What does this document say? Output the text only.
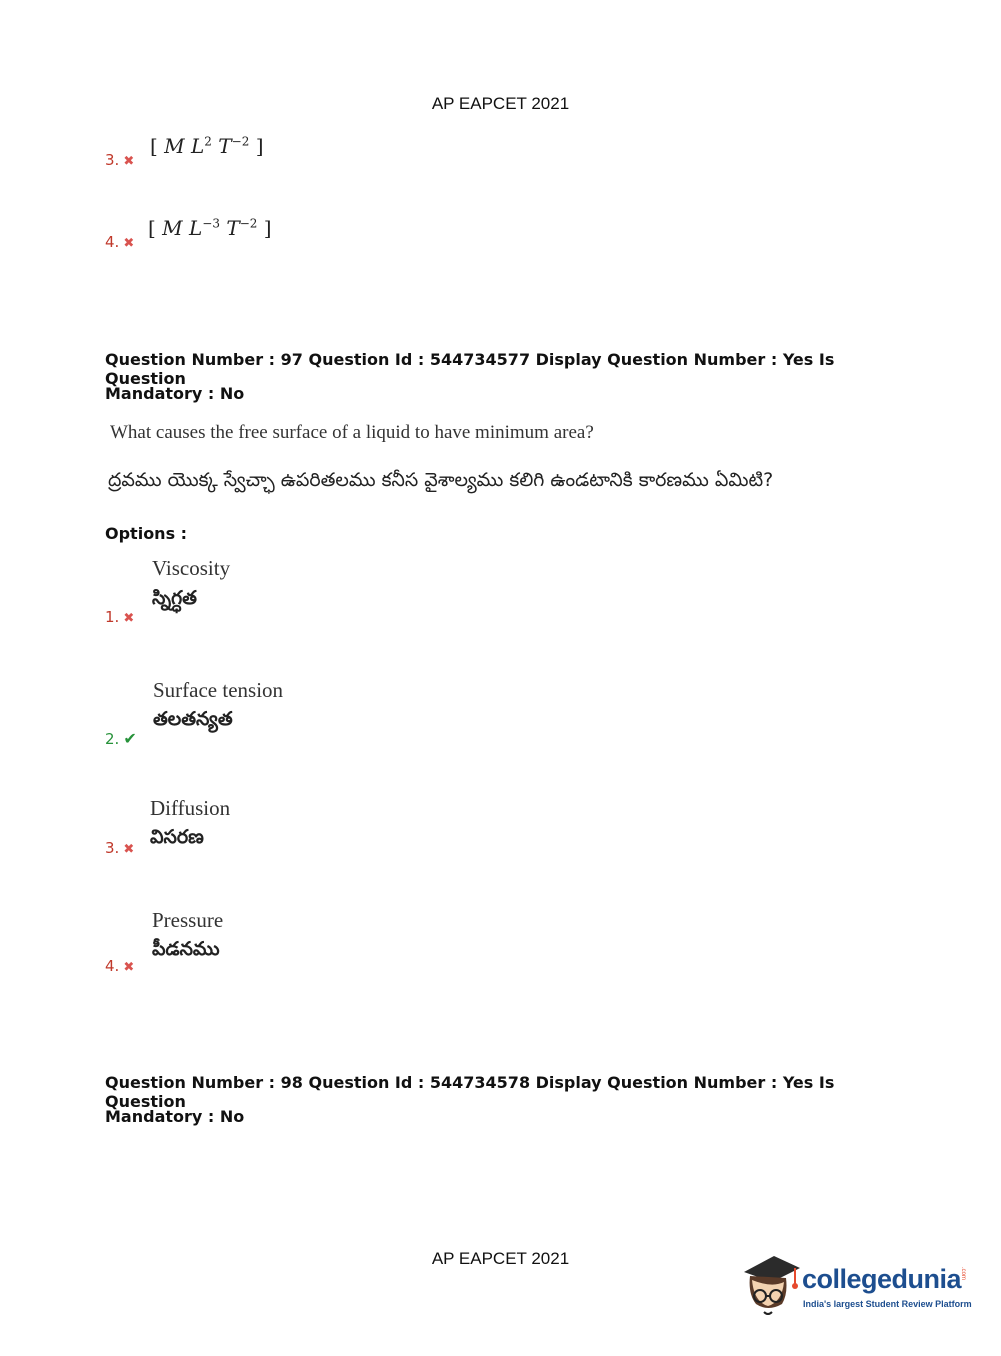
AP EAPCET 2021
3. ✖
[ M $L^2$ $T^{-2}$ ]
4. ✖
[ M $L^{-3}$ $T^{-2}$ ]
Question Number : 97 Question Id : 544734577 Display Question Number : Yes Is Question
Mandatory : No
What causes the free surface of a liquid to have minimum area?
ద్రవము యొక్క స్వేచ్ఛా ఉపరితలము కనీస వైశాల్యము కలిగి ఉండటానికి కారణము ఏమిటి?
Options :
Viscosity
స్నిగ్ధత
1. ✖
Surface tension
తలతన్యత
2. ✔
Diffusion
విసరణ
3. ✖
Pressure
పీడనము
4. ✖
Question Number : 98 Question Id : 544734578 Display Question Number : Yes Is Question
Mandatory : No
AP EAPCET 2021
collegedunia
.com
India's largest Student Review Platform
